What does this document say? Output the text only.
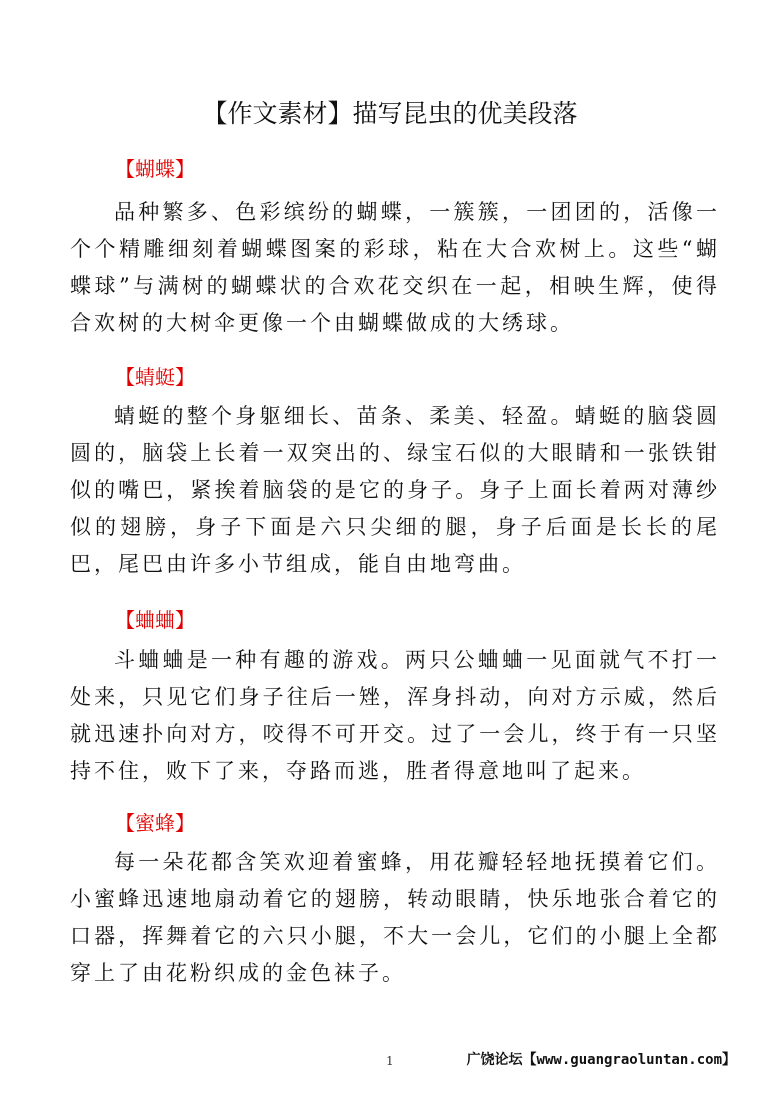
【作文素材】描写昆虫的优美段落
【蝴蝶】
品种繁多、色彩缤纷的蝴蝶，一簇簇，一团团的，活像一个个精雕细刻着蝴蝶图案的彩球，粘在大合欢树上。这些“蝴蝶球”与满树的蝴蝶状的合欢花交织在一起，相映生辉，使得合欢树的大树伞更像一个由蝴蝶做成的大绣球。
【蜻蜓】
蜻蜓的整个身躯细长、苗条、柔美、轻盈。蜻蜓的脑袋圆圆的，脑袋上长着一双突出的、绿宝石似的大眼睛和一张铁钳似的嘴巴，紧挨着脑袋的是它的身子。身子上面长着两对薄纱似的翅膀，身子下面是六只尖细的腿，身子后面是长长的尾巴，尾巴由许多小节组成，能自由地弯曲。
【蛐蛐】
斗蛐蛐是一种有趣的游戏。两只公蛐蛐一见面就气不打一处来，只见它们身子往后一矬，浑身抖动，向对方示威，然后就迅速扑向对方，咬得不可开交。过了一会儿，终于有一只坚持不住，败下了来，夺路而逃，胜者得意地叫了起来。
【蜜蜂】
每一朵花都含笑欢迎着蜜蜂，用花瓣轻轻地抚摸着它们。小蜜蜂迅速地扇动着它的翅膀，转动眼睛，快乐地张合着它的口器，挥舞着它的六只小腿，不大一会儿，它们的小腿上全都穿上了由花粉织成的金色袜子。
1	广饶论坛【www.guangraoluntan.com】
